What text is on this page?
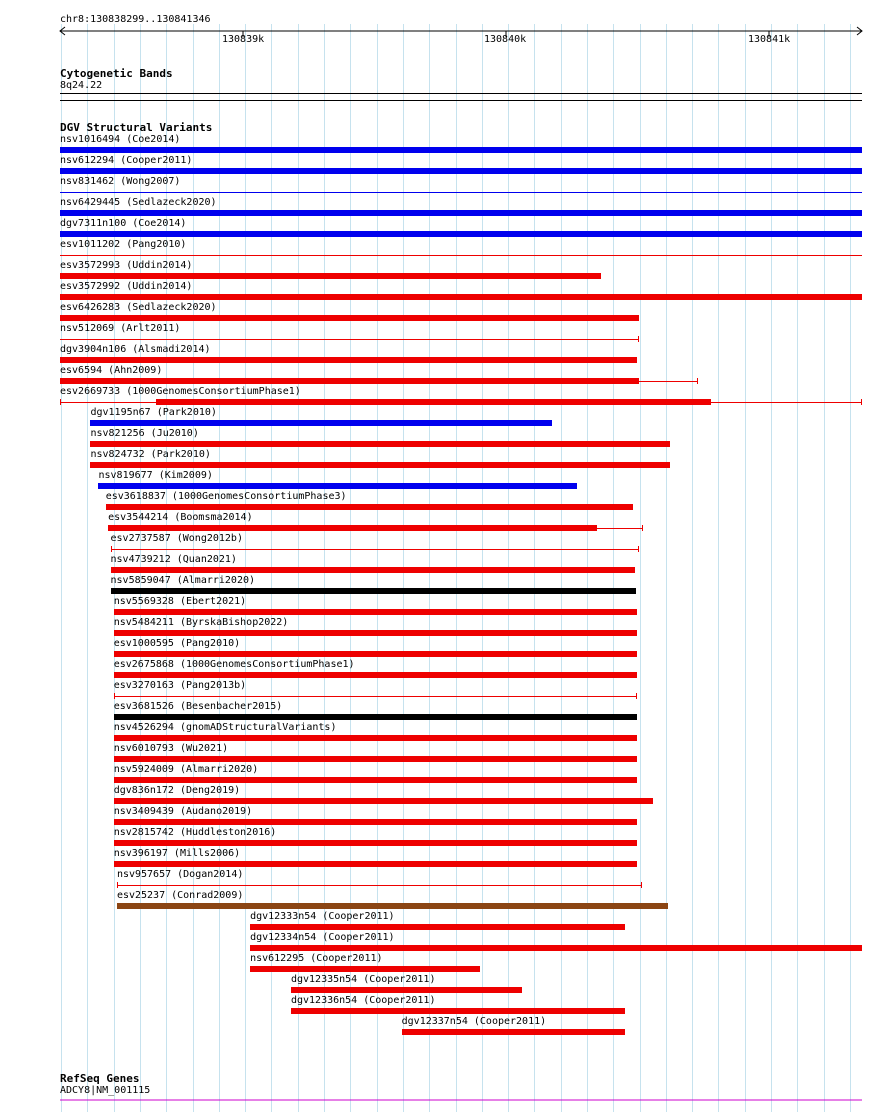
chr8:130838299..130841346
130839k	130840k	130841k
Cytogenetic Bands
8q24.22
DGV Structural Variants
nsv1016494 (Coe2014)
nsv612294 (Cooper2011)
nsv831462 (Wong2007)
nsv6429445 (Sedlazeck2020)
dgv7311n100 (Coe2014)
esv1011202 (Pang2010)
esv3572993 (Uddin2014)
esv3572992 (Uddin2014)
esv6426283 (Sedlazeck2020)
nsv512069 (Arlt2011)
dgv3904n106 (Alsmadi2014)
esv6594 (Ahn2009)
esv2669733 (1000GenomesConsortiumPhase1)
dgv1195n67 (Park2010)
nsv821256 (Ju2010)
nsv824732 (Park2010)
nsv819677 (Kim2009)
esv3618837 (1000GenomesConsortiumPhase3)
esv3544214 (Boomsma2014)
esv2737587 (Wong2012b)
nsv4739212 (Quan2021)
nsv5859047 (Almarri2020)
nsv5569328 (Ebert2021)
nsv5484211 (ByrskaBishop2022)
esv1000595 (Pang2010)
esv2675868 (1000GenomesConsortiumPhase1)
esv3270163 (Pang2013b)
esv3681526 (Besenbacher2015)
nsv4526294 (gnomADStructuralVariants)
nsv6010793 (Wu2021)
nsv5924009 (Almarri2020)
dgv836n172 (Deng2019)
nsv3409439 (Audano2019)
nsv2815742 (Huddleston2016)
nsv396197 (Mills2006)
nsv957657 (Dogan2014)
esv25237 (Conrad2009)
dgv12333n54 (Cooper2011)
dgv12334n54 (Cooper2011)
nsv612295 (Cooper2011)
dgv12335n54 (Cooper2011)
dgv12336n54 (Cooper2011)
dgv12337n54 (Cooper2011)
RefSeq Genes
ADCY8|NM_001115
